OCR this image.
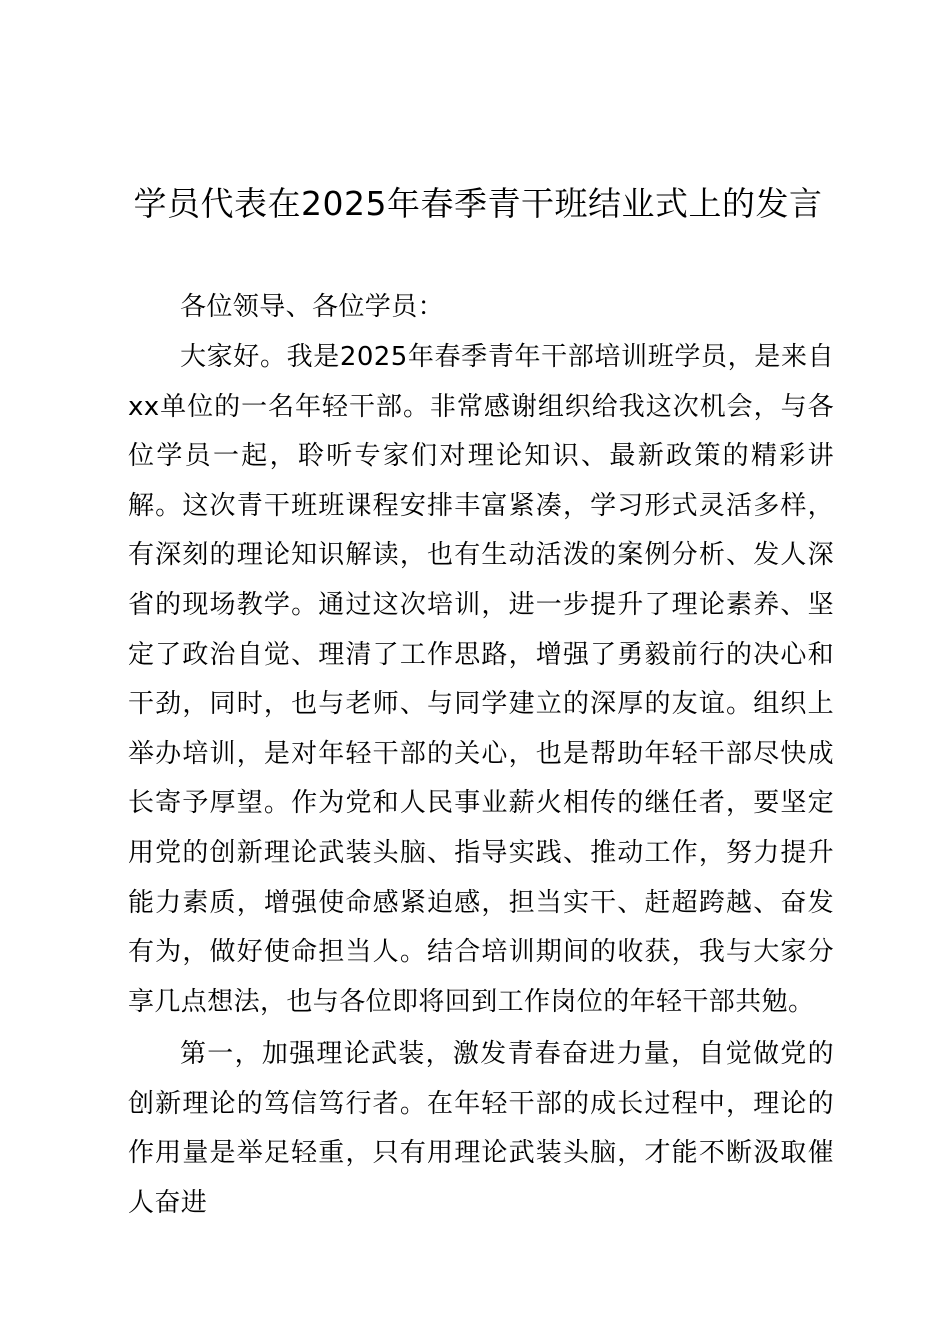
学员代表在2025年春季青干班结业式上的发言

各位领导、各位学员：

大家好。我是2025年春季青年干部培训班学员，是来自xx单位的一名年轻干部。非常感谢组织给我这次机会，与各位学员一起，聆听专家们对理论知识、最新政策的精彩讲解。这次青干班班课程安排丰富紧凑，学习形式灵活多样，有深刻的理论知识解读，也有生动活泼的案例分析、发人深省的现场教学。通过这次培训，进一步提升了理论素养、坚定了政治自觉、理清了工作思路，增强了勇毅前行的决心和干劲，同时，也与老师、与同学建立的深厚的友谊。组织上举办培训，是对年轻干部的关心，也是帮助年轻干部尽快成长寄予厚望。作为党和人民事业薪火相传的继任者，要坚定用党的创新理论武装头脑、指导实践、推动工作，努力提升能力素质，增强使命感紧迫感，担当实干、赶超跨越、奋发有为，做好使命担当人。结合培训期间的收获，我与大家分享几点想法，也与各位即将回到工作岗位的年轻干部共勉。

第一，加强理论武装，激发青春奋进力量，自觉做党的创新理论的笃信笃行者。在年轻干部的成长过程中，理论的作用量是举足轻重，只有用理论武装头脑，才能不断汲取催人奋进
